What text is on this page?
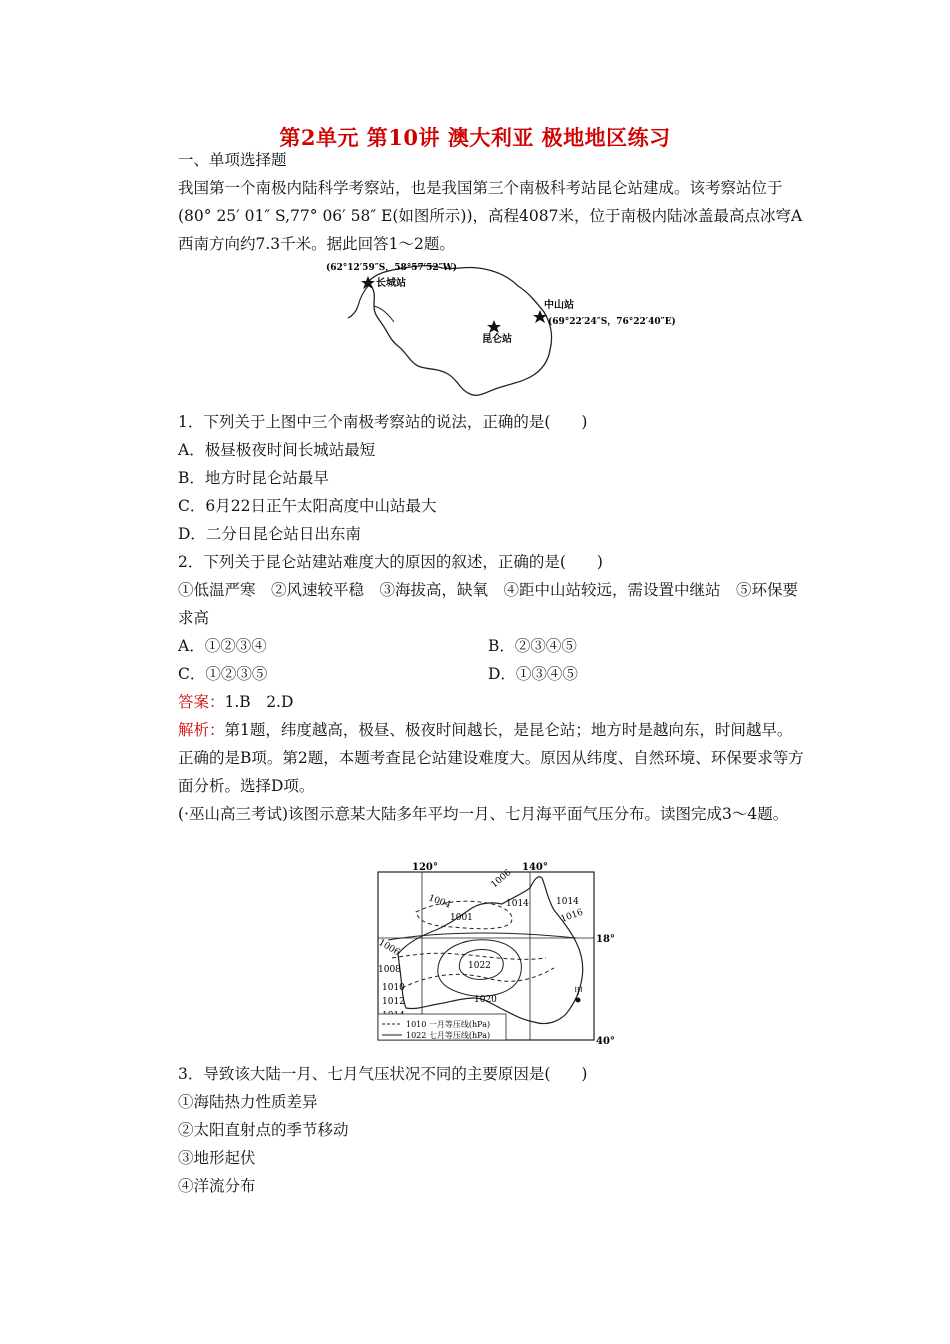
第2单元 第10讲 澳大利亚 极地地区练习
一、单项选择题
我国第一个南极内陆科学考察站，也是我国第三个南极科考站昆仑站建成。该考察站位于(80° 25′ 01″ S,77° 06′ 58″ E(如图所示))，高程4087米，位于南极内陆冰盖最高点冰穹A西南方向约7.3千米。据此回答1～2题。
(62°12′59″S，58°57′52″W)
长城站
中山站
(69°22′24″S，76°22′40″E)
昆仑站
1．下列关于上图中三个南极考察站的说法，正确的是(　　)
A．极昼极夜时间长城站最短
B．地方时昆仑站最早
C．6月22日正午太阳高度中山站最大
D．二分日昆仑站日出东南
2．下列关于昆仑站建站难度大的原因的叙述，正确的是(　　)
①低温严寒　②风速较平稳　③海拔高，缺氧　④距中山站较远，需设置中继站　⑤环保要求高
A．①②③④	B．②③④⑤
C．①②③⑤	D．①③④⑤
答案：1.B　2.D
解析：第1题，纬度越高，极昼、极夜时间越长，是昆仑站；地方时是越向东，时间越早。正确的是B项。第2题，本题考查昆仑站建设难度大。原因从纬度、自然环境、环保要求等方面分析。选择D项。
(·巫山高三考试)该图示意某大陆多年平均一月、七月海平面气压分布。读图完成3～4题。
120°	140°
18°
40°
1006
1004
1001
1014	1014
1016
1006
1008
1010
1012
1022
1020
甲
1010 一月等压线(hPa)
1022 七月等压线(hPa)
3．导致该大陆一月、七月气压状况不同的主要原因是(　　)
①海陆热力性质差异
②太阳直射点的季节移动
③地形起伏
④洋流分布
